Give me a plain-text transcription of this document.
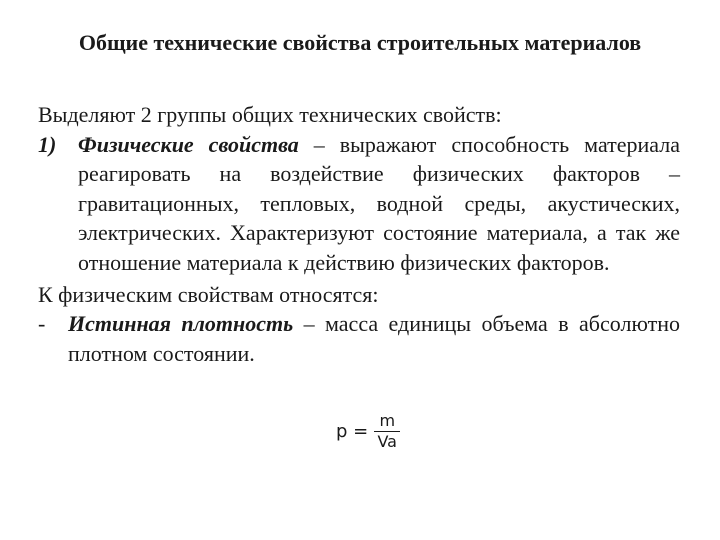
Общие технические свойства строительных материалов

Выделяют 2 группы общих технических свойств:

1) Физические свойства – выражают способность материала реагировать на воздействие физических факторов – гравитационных, тепловых, водной среды, акустических, электрических. Характеризуют состояние материала, а так же отношение материала к действию физических факторов.

К физическим свойствам относятся:

-	Истинная плотность – масса единицы объема в абсолютно плотном состоянии.
$p = \frac{m}{Va}$
